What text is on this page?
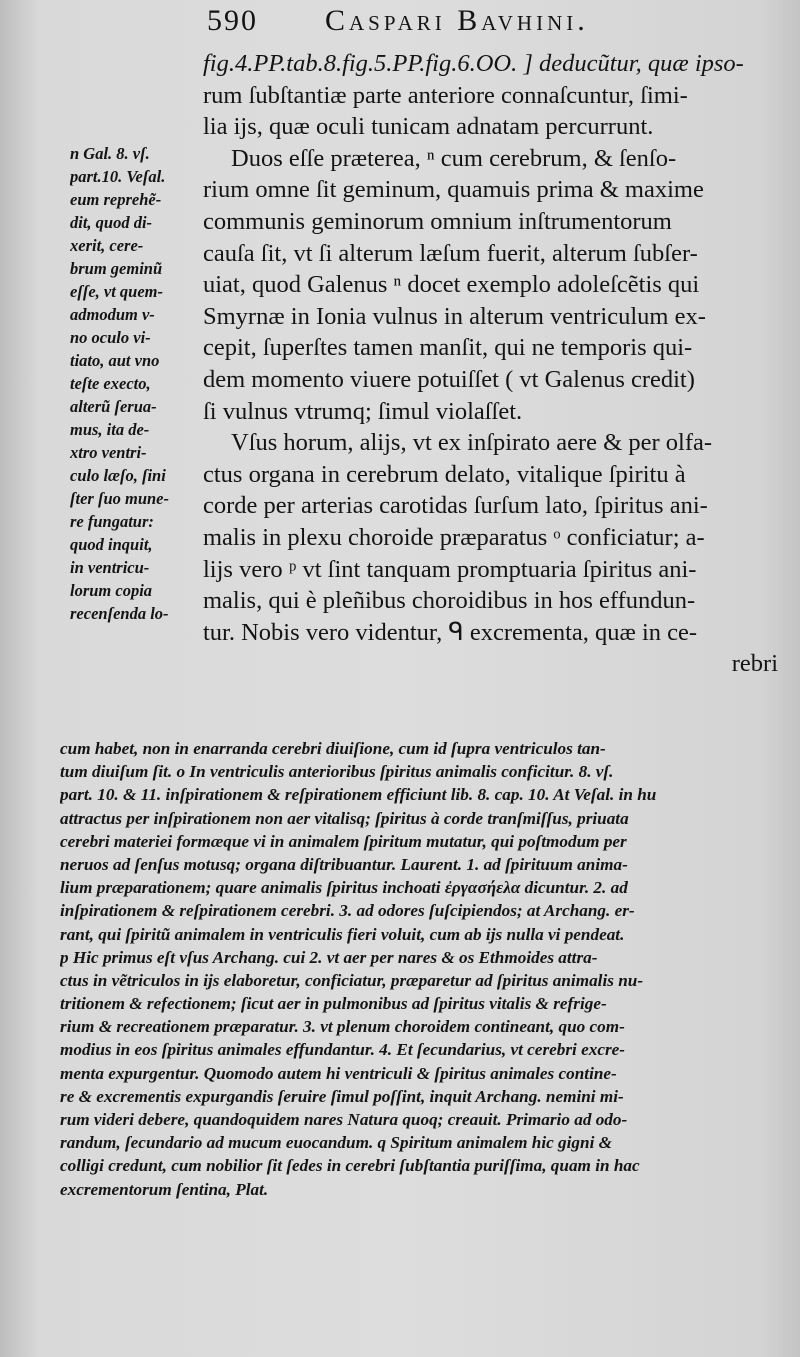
590 Caspari Bavhini.
fig.4.PP.tab.8.fig.5.PP.fig.6.OO. ] deducũtur, quæ ipso-
rum ſubſtantiæ parte anteriore connaſcuntur, ſimi-
lia ijs, quæ oculi tunicam adnatam percurrunt.
Duos eſſe præterea, ⁿ cum cerebrum, & ſenſo-
rium omne ſit geminum, quamuis prima & maxime
communis geminorum omnium inſtrumentorum
cauſa ſit, vt ſi alterum læſum fuerit, alterum ſubſer-
uiat, quod Galenus ⁿ docet exemplo adoleſcẽtis qui
Smyrnæ in Ionia vulnus in alterum ventriculum ex-
cepit, ſuperſtes tamen manſit, qui ne temporis qui-
dem momento viuere potuiſſet ( vt Galenus credit)
ſi vulnus vtrumq; ſimul violaſſet.
Vſus horum, alijs, vt ex inſpirato aere & per olfa-
ctus organa in cerebrum delato, vitalique ſpiritu à
corde per arterias carotidas ſurſum lato, ſpiritus ani-
malis in plexu choroide præparatus ᵒ conficiatur; a-
lijs vero ᵖ vt ſint tanquam promptuaria ſpiritus ani-
malis, qui è pleñibus choroidibus in hos effundun-
tur. Nobis vero videntur, ᑫ excrementa, quæ in ce-
rebri
n Gal. 8. vſ.
part.10. Veſal.
eum reprehẽ-
dit, quod di-
xerit, cere-
brum geminũ
eſſe, vt quem-
admodum v-
no oculo vi-
tiato, aut vno
teſte execto,
alterũ ſerua-
mus, ita de-
xtro ventri-
culo læſo, ſini
ſter ſuo mune-
re fungatur:
quod inquit,
in ventricu-
lorum copia
recenſenda lo-
cum habet, non in enarranda cerebri diuiſione, cum id ſupra ventriculos tan-
tum diuiſum ſit. o In ventriculis anterioribus ſpiritus animalis conficitur. 8. vſ.
part. 10. & 11. inſpirationem & reſpirationem efficiunt lib. 8. cap. 10. At Veſal. in hu
attractus per inſpirationem non aer vitalisq; ſpiritus à corde tranſmiſſus, priuata
cerebri materiei formæque vi in animalem ſpiritum mutatur, qui poſtmodum per
neruos ad ſenſus motusq; organa diſtribuantur. Laurent. 1. ad ſpirituum anima-
lium præparationem; quare animalis ſpiritus inchoati ἐργασήελα dicuntur. 2. ad
inſpirationem & reſpirationem cerebri. 3. ad odores ſuſcipiendos; at Archang. er-
rant, qui ſpiritũ animalem in ventriculis fieri voluit, cum ab ijs nulla vi pendeat.
p Hic primus eſt vſus Archang. cui 2. vt aer per nares & os Ethmoides attra-
ctus in vẽtriculos in ijs elaboretur, conficiatur, præparetur ad ſpiritus animalis nu-
tritionem & refectionem; ſicut aer in pulmonibus ad ſpiritus vitalis & refrige-
rium & recreationem præparatur. 3. vt plenum choroidem contineant, quo com-
modius in eos ſpiritus animales effundantur. 4. Et ſecundarius, vt cerebri excre-
menta expurgentur. Quomodo autem hi ventriculi & ſpiritus animales contine-
re & excrementis expurgandis ſeruire ſimul poſſint, inquit Archang. nemini mi-
rum videri debere, quandoquidem nares Natura quoq; creauit. Primario ad odo-
randum, ſecundario ad mucum euocandum. q Spiritum animalem hic gigni &
colligi credunt, cum nobilior ſit ſedes in cerebri ſubſtantia puriſſima, quam in hac
excrementorum ſentina, Plat.
